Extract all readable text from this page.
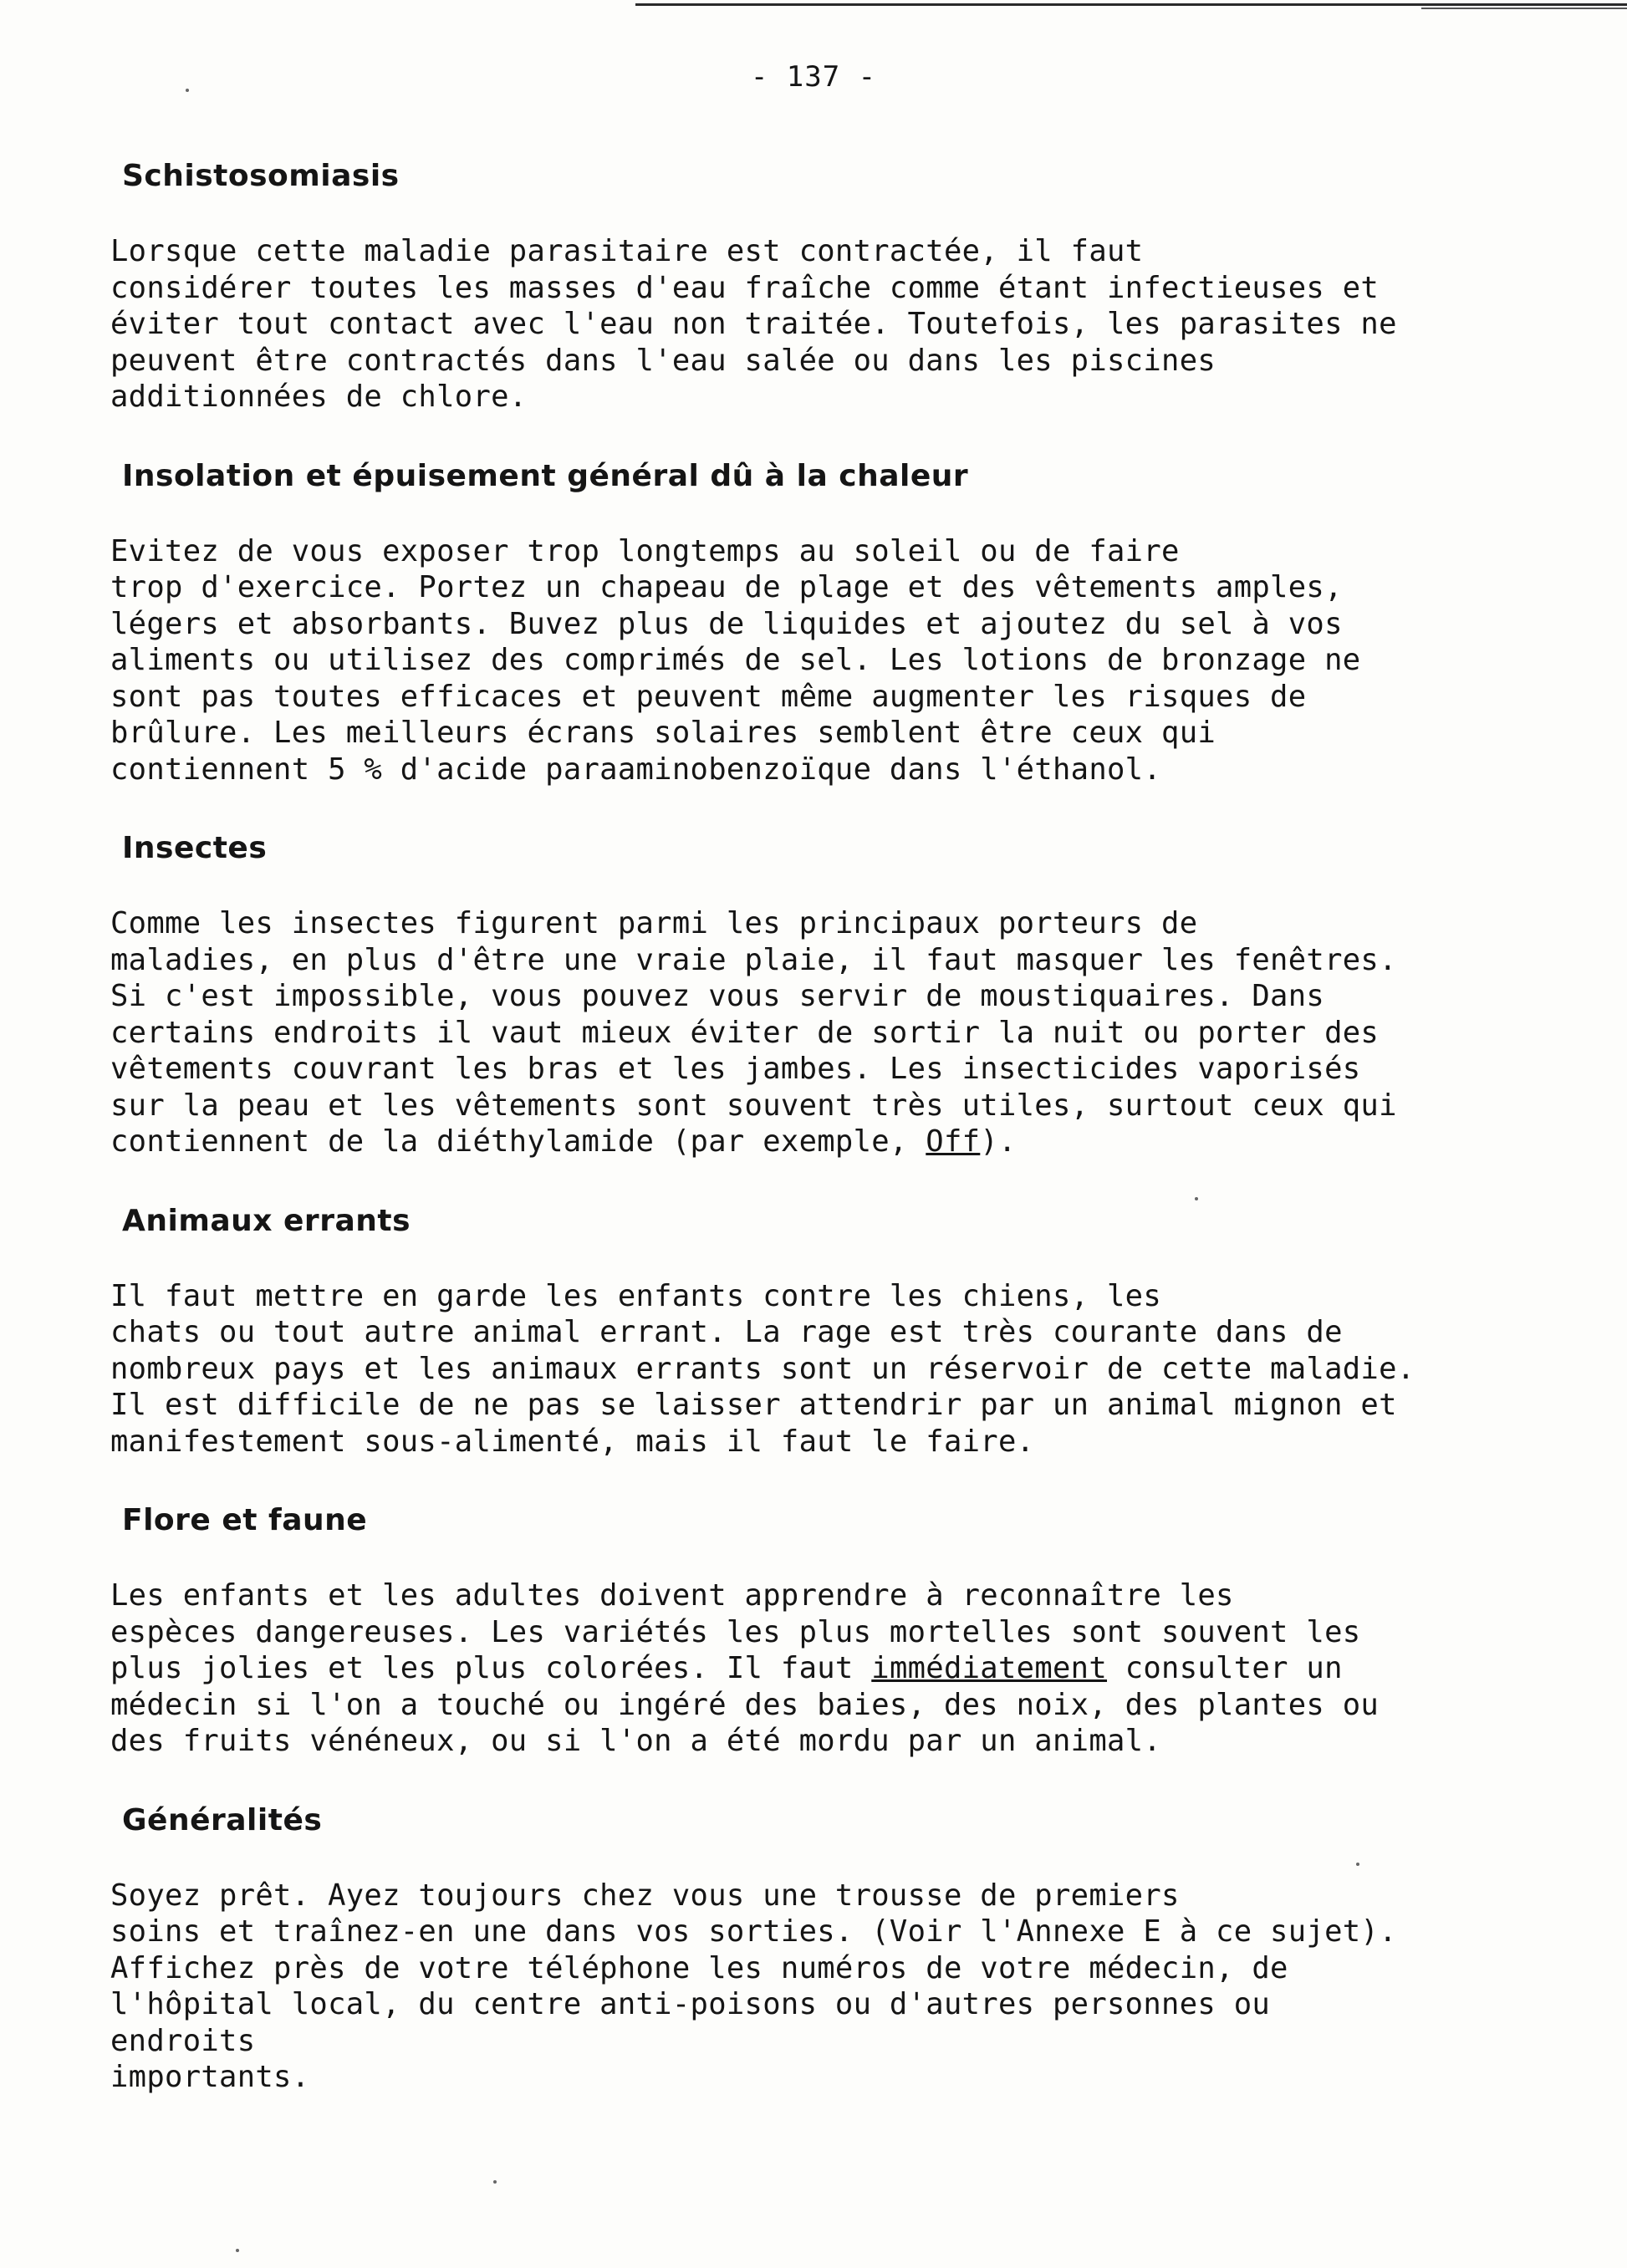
- 137 -
Schistosomiasis

Lorsque cette maladie parasitaire est contractée, il faut
considérer toutes les masses d'eau fraîche comme étant infectieuses et
éviter tout contact avec l'eau non traitée. Toutefois, les parasites ne
peuvent être contractés dans l'eau salée ou dans les piscines
additionnées de chlore.

Insolation et épuisement général dû à la chaleur

Evitez de vous exposer trop longtemps au soleil ou de faire
trop d'exercice. Portez un chapeau de plage et des vêtements amples,
légers et absorbants. Buvez plus de liquides et ajoutez du sel à vos
aliments ou utilisez des comprimés de sel. Les lotions de bronzage ne
sont pas toutes efficaces et peuvent même augmenter les risques de
brûlure. Les meilleurs écrans solaires semblent être ceux qui
contiennent 5 % d'acide paraaminobenzoïque dans l'éthanol.

Insectes

Comme les insectes figurent parmi les principaux porteurs de
maladies, en plus d'être une vraie plaie, il faut masquer les fenêtres.
Si c'est impossible, vous pouvez vous servir de moustiquaires. Dans
certains endroits il vaut mieux éviter de sortir la nuit ou porter des
vêtements couvrant les bras et les jambes. Les insecticides vaporisés
sur la peau et les vêtements sont souvent très utiles, surtout ceux qui
contiennent de la diéthylamide (par exemple, Off).

Animaux errants

Il faut mettre en garde les enfants contre les chiens, les
chats ou tout autre animal errant. La rage est très courante dans de
nombreux pays et les animaux errants sont un réservoir de cette maladie.
Il est difficile de ne pas se laisser attendrir par un animal mignon et
manifestement sous-alimenté, mais il faut le faire.

Flore et faune

Les enfants et les adultes doivent apprendre à reconnaître les
espèces dangereuses. Les variétés les plus mortelles sont souvent les
plus jolies et les plus colorées. Il faut immédiatement consulter un
médecin si l'on a touché ou ingéré des baies, des noix, des plantes ou
des fruits vénéneux, ou si l'on a été mordu par un animal.

Généralités

Soyez prêt. Ayez toujours chez vous une trousse de premiers
soins et traînez-en une dans vos sorties. (Voir l'Annexe E à ce sujet).
Affichez près de votre téléphone les numéros de votre médecin, de
l'hôpital local, du centre anti-poisons ou d'autres personnes ou endroits
importants.
